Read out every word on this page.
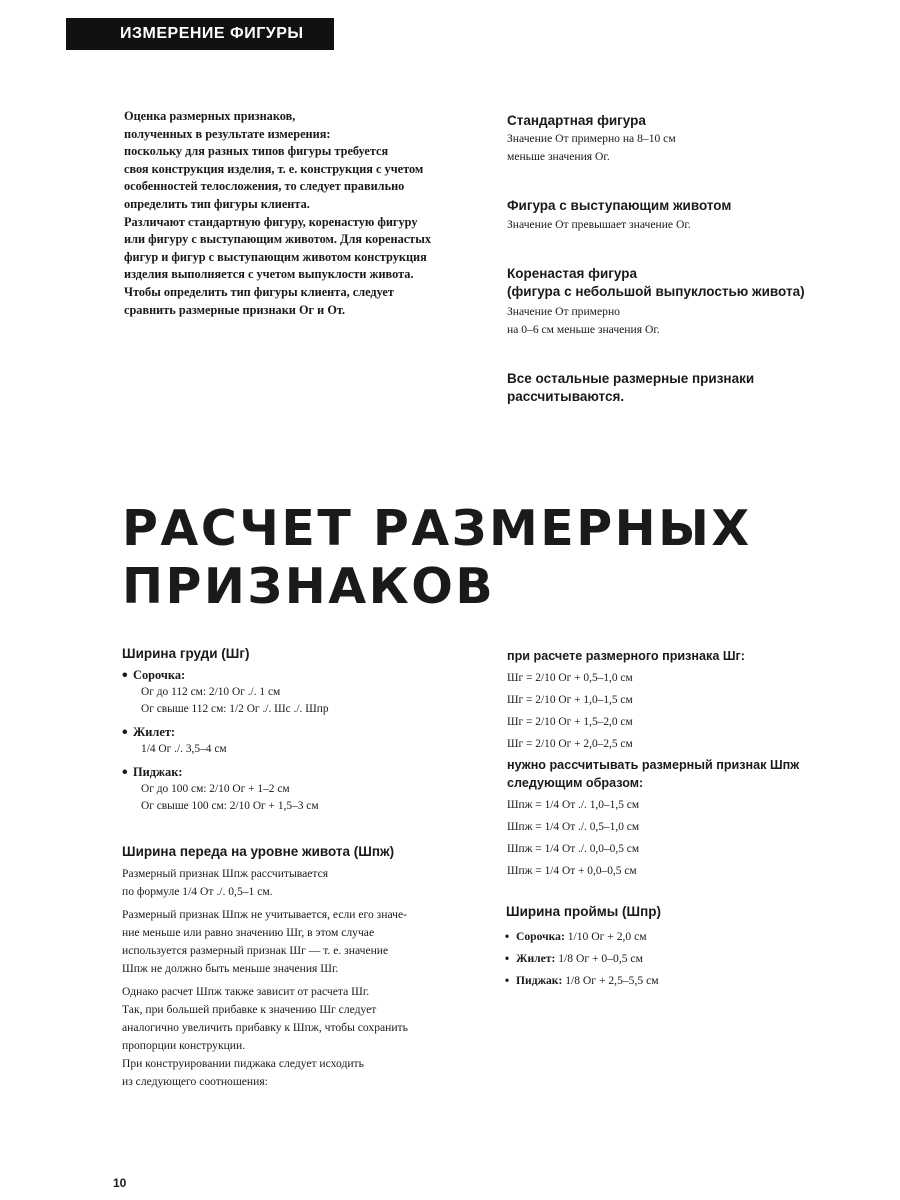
ИЗМЕРЕНИЕ ФИГУРЫ
Оценка размерных признаков,
полученных в результате измерения:
поскольку для разных типов фигуры требуется
своя конструкция изделия, т. е. конструкция с учетом
особенностей телосложения, то следует правильно
определить тип фигуры клиента.
Различают стандартную фигуру, коренастую фигуру
или фигуру с выступающим животом. Для коренастых
фигур и фигур с выступающим животом конструкция
изделия выполняется с учетом выпуклости живота.
Чтобы определить тип фигуры клиента, следует
сравнить размерные признаки Ог и От.

Стандартная фигура

Значение От примерно на 8–10 см

меньше значения Ог.

Фигура с выступающим животом

Значение От превышает значение Ог.

Коренастая фигура

(фигура с небольшой выпуклостью живота)

Значение От примерно

на 0–6 см меньше значения Ог.

Все остальные размерные признаки

рассчитываются.

РАСЧЕТ РАЗМЕРНЫХ
ПРИЗНАКОВ

Ширина груди (Шг)

• Сорочка:
Ог до 112 см: 2/10 Ог ./. 1 см
Ог свыше 112 см: 1/2 Ог ./. Шс ./. Шпр
• Жилет:
1/4 Ог ./. 3,5–4 см
• Пиджак:
Ог до 100 см: 2/10 Ог + 1–2 см
Ог свыше 100 см: 2/10 Ог + 1,5–3 см

Ширина переда на уровне живота (Шпж)

Размерный признак Шпж рассчитывается

по формуле 1/4 От ./. 0,5–1 см.

Размерный признак Шпж не учитывается, если его значе-

ние меньше или равно значению Шг, в этом случае

используется размерный признак Шг — т. е. значение

Шпж не должно быть меньше значения Шг.

Однако расчет Шпж также зависит от расчета Шг.

Так, при большей прибавке к значению Шг следует

аналогично увеличить прибавку к Шпж, чтобы сохранить

пропорции конструкции.

При конструировании пиджака следует исходить

из следующего соотношения:

при расчете размерного признака Шг:

Шг = 2/10 Ог + 0,5–1,0 см

Шг = 2/10 Ог + 1,0–1,5 см

Шг = 2/10 Ог + 1,5–2,0 см

Шг = 2/10 Ог + 2,0–2,5 см

нужно рассчитывать размерный признак Шпж

следующим образом:

Шпж = 1/4 От ./. 1,0–1,5 см

Шпж = 1/4 От ./. 0,5–1,0 см

Шпж = 1/4 От ./. 0,0–0,5 см

Шпж = 1/4 От + 0,0–0,5 см

Ширина проймы (Шпр)

• Сорочка: 1/10 Ог + 2,0 см
• Жилет: 1/8 Ог + 0–0,5 см
• Пиджак: 1/8 Ог + 2,5–5,5 см
10
